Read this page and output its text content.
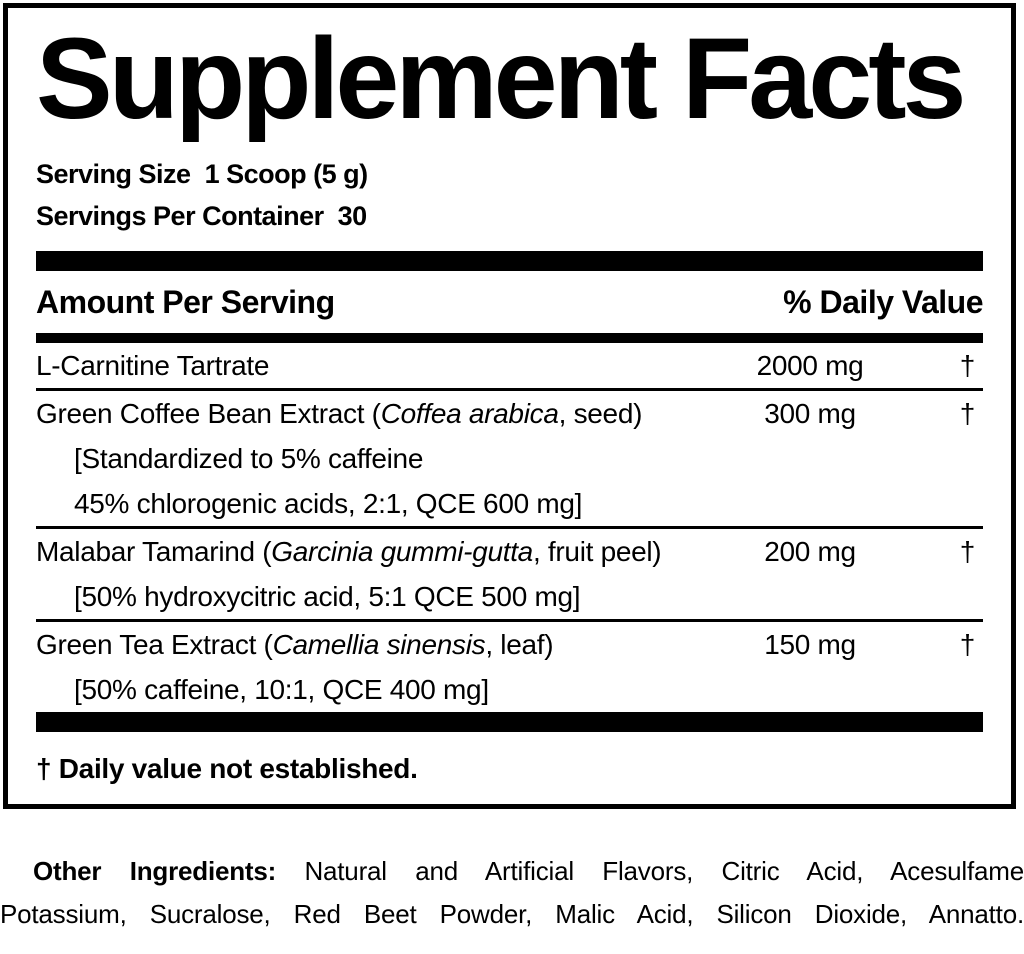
Supplement Facts
Serving Size 1 Scoop (5 g)
Servings Per Container 30
Amount Per Serving	% Daily Value
L-Carnitine Tartrate	2000 mg	†
Green Coffee Bean Extract (Coffea arabica, seed)	300 mg	†
[Standardized to 5% caffeine
45% chlorogenic acids, 2:1, QCE 600 mg]
Malabar Tamarind (Garcinia gummi-gutta, fruit peel)	200 mg	†
[50% hydroxycitric acid, 5:1 QCE 500 mg]
Green Tea Extract (Camellia sinensis, leaf)	150 mg	†
[50% caffeine, 10:1, QCE 400 mg]
† Daily value not established.
Other Ingredients: Natural and Artificial Flavors, Citric Acid, Acesulfame
Potassium, Sucralose, Red Beet Powder, Malic Acid, Silicon Dioxide, Annatto.
